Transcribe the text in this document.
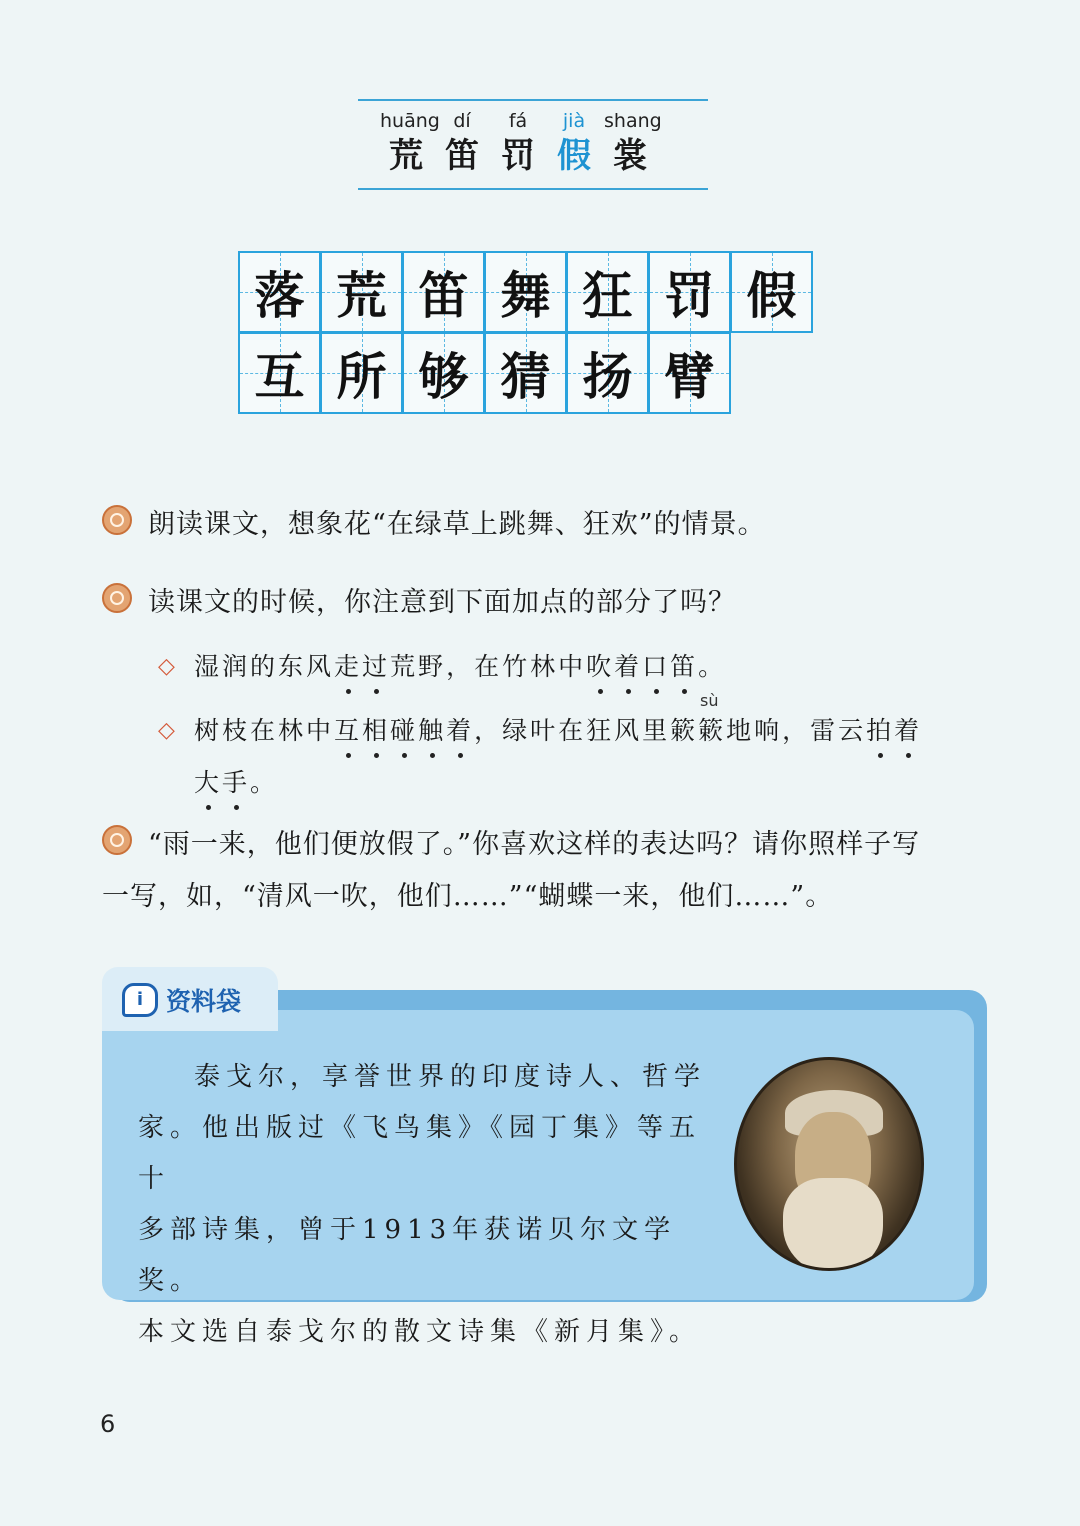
huāng
荒
dí
笛
fá
罚
jià
假
shang
裳
落 荒 笛 舞 狂 罚 假
互 所 够 猜 扬 臂
朗读课文，想象花“在绿草上跳舞、狂欢”的情景。
读课文的时候，你注意到下面加点的部分了吗？
◇ 湿润的东风走过荒野，在竹林中吹着口笛。
sù
◇ 树枝在林中互相碰触着，绿叶在狂风里簌簌地响，雷云拍着
大手。
“雨一来，他们便放假了。”你喜欢这样的表达吗？请你照样子写
一写，如，“清风一吹，他们……”“蝴蝶一来，他们……”。
i 资料袋

泰戈尔，享誉世界的印度诗人、哲学

家。他出版过《飞鸟集》《园丁集》等五十

多部诗集，曾于1913年获诺贝尔文学奖。

本文选自泰戈尔的散文诗集《新月集》。

6
